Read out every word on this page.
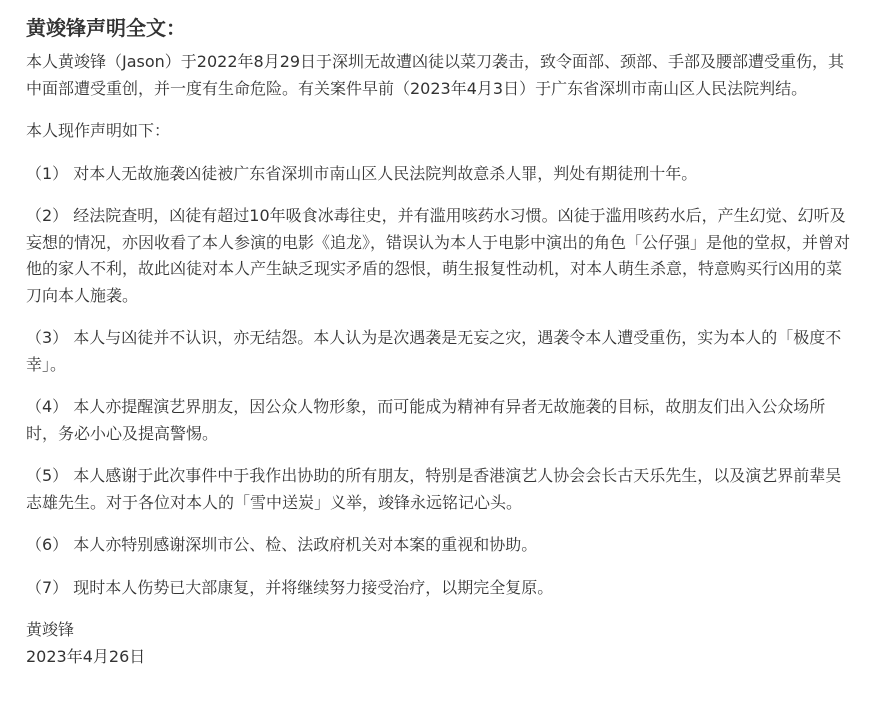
黄竣锋声明全文：

本人黄竣锋（Jason）于2022年8月29日于深圳无故遭凶徒以菜刀袭击，致令面部、颈部、手部及腰部遭受重伤，其中面部遭受重创，并一度有生命危险。有关案件早前（2023年4月3日）于广东省深圳市南山区人民法院判结。

本人现作声明如下：

（1） 对本人无故施袭凶徒被广东省深圳市南山区人民法院判故意杀人罪，判处有期徒刑十年。

（2） 经法院查明，凶徒有超过10年吸食冰毒往史，并有滥用咳药水习惯。凶徒于滥用咳药水后，产生幻觉、幻听及妄想的情况，亦因收看了本人参演的电影《追龙》，错误认为本人于电影中演出的角色「公仔强」是他的堂叔，并曾对他的家人不利，故此凶徒对本人产生缺乏现实矛盾的怨恨，萌生报复性动机，对本人萌生杀意，特意购买行凶用的菜刀向本人施袭。

（3） 本人与凶徒并不认识，亦无结怨。本人认为是次遇袭是无妄之灾，遇袭令本人遭受重伤，实为本人的「极度不幸」。

（4） 本人亦提醒演艺界朋友，因公众人物形象，而可能成为精神有异者无故施袭的目标，故朋友们出入公众场所时，务必小心及提高警惕。

（5） 本人感谢于此次事件中于我作出协助的所有朋友，特别是香港演艺人协会会长古天乐先生，以及演艺界前辈吴志雄先生。对于各位对本人的「雪中送炭」义举，竣锋永远铭记心头。

（6） 本人亦特别感谢深圳市公、检、法政府机关对本案的重视和协助。

（7） 现时本人伤势已大部康复，并将继续努力接受治疗，以期完全复原。

黄竣锋

2023年4月26日
